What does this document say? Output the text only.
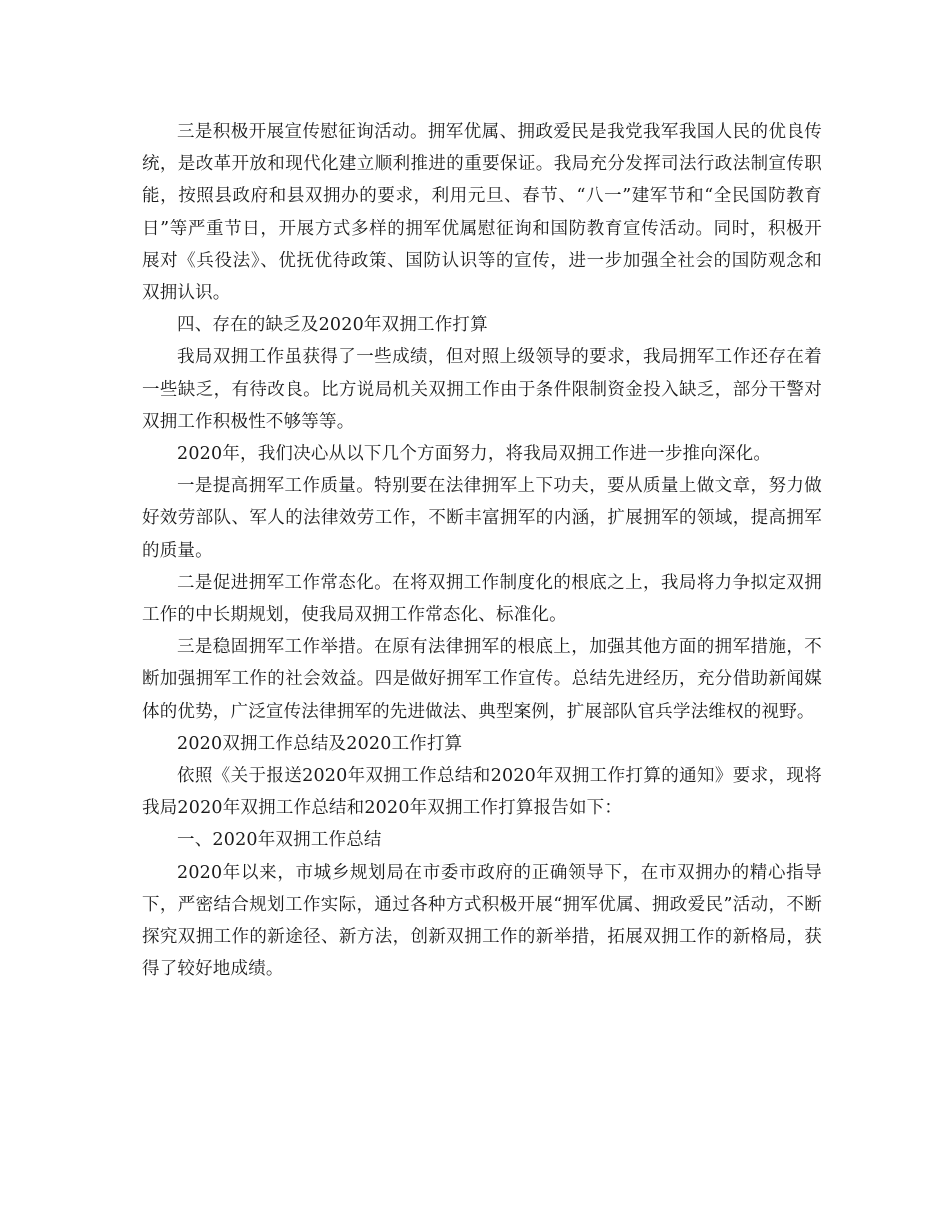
三是积极开展宣传慰征询活动。拥军优属、拥政爱民是我党我军我国人民的优良传统，是改革开放和现代化建立顺利推进的重要保证。我局充分发挥司法行政法制宣传职能，按照县政府和县双拥办的要求，利用元旦、春节、“八一”建军节和“全民国防教育日”等严重节日，开展方式多样的拥军优属慰征询和国防教育宣传活动。同时，积极开展对《兵役法》、优抚优待政策、国防认识等的宣传，进一步加强全社会的国防观念和双拥认识。

四、存在的缺乏及2020年双拥工作打算

我局双拥工作虽获得了一些成绩，但对照上级领导的要求，我局拥军工作还存在着一些缺乏，有待改良。比方说局机关双拥工作由于条件限制资金投入缺乏，部分干警对双拥工作积极性不够等等。

2020年，我们决心从以下几个方面努力，将我局双拥工作进一步推向深化。

一是提高拥军工作质量。特别要在法律拥军上下功夫，要从质量上做文章，努力做好效劳部队、军人的法律效劳工作，不断丰富拥军的内涵，扩展拥军的领域，提高拥军的质量。

二是促进拥军工作常态化。在将双拥工作制度化的根底之上，我局将力争拟定双拥工作的中长期规划，使我局双拥工作常态化、标准化。

三是稳固拥军工作举措。在原有法律拥军的根底上，加强其他方面的拥军措施，不断加强拥军工作的社会效益。四是做好拥军工作宣传。总结先进经历，充分借助新闻媒体的优势，广泛宣传法律拥军的先进做法、典型案例，扩展部队官兵学法维权的视野。

2020双拥工作总结及2020工作打算

依照《关于报送2020年双拥工作总结和2020年双拥工作打算的通知》要求，现将我局2020年双拥工作总结和2020年双拥工作打算报告如下：

一、2020年双拥工作总结

2020年以来，市城乡规划局在市委市政府的正确领导下，在市双拥办的精心指导下，严密结合规划工作实际，通过各种方式积极开展“拥军优属、拥政爱民”活动，不断探究双拥工作的新途径、新方法，创新双拥工作的新举措，拓展双拥工作的新格局，获得了较好地成绩。
